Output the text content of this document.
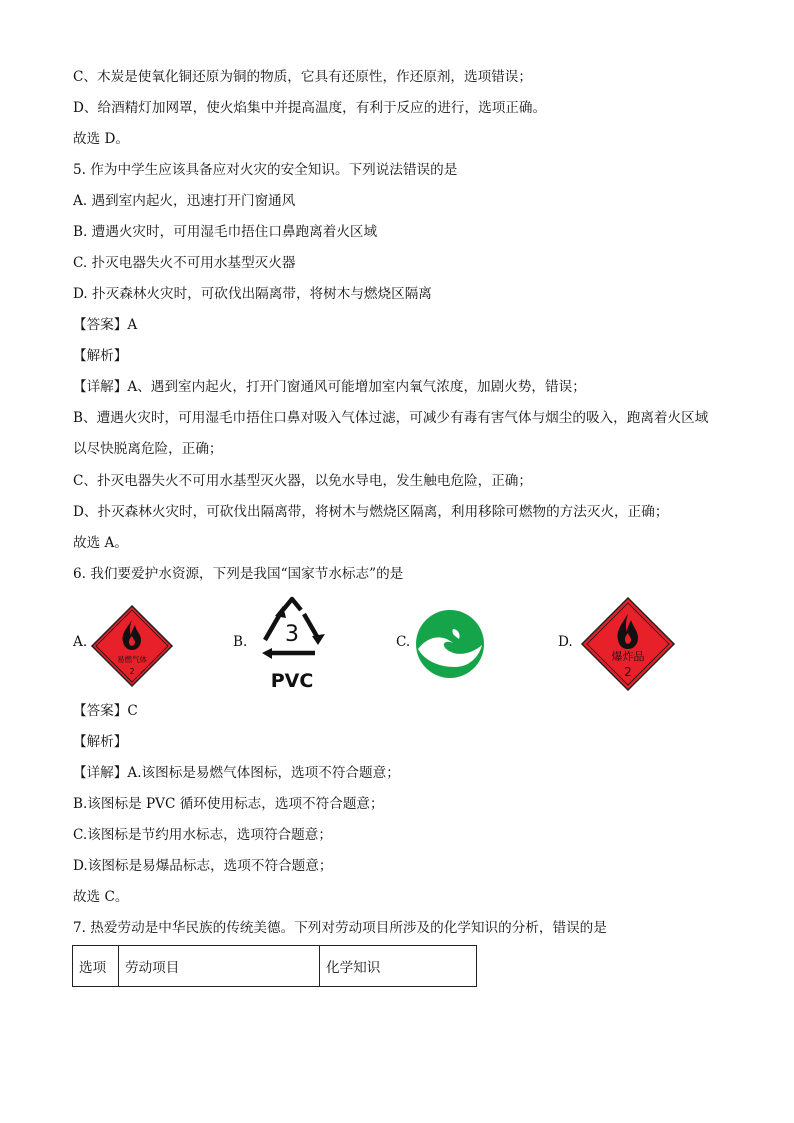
C、木炭是使氧化铜还原为铜的物质，它具有还原性，作还原剂，选项错误；
D、给酒精灯加网罩，使火焰集中并提高温度，有利于反应的进行，选项正确。
故选 D。
5. 作为中学生应该具备应对火灾的安全知识。下列说法错误的是
A. 遇到室内起火，迅速打开门窗通风
B. 遭遇火灾时，可用湿毛巾捂住口鼻跑离着火区域
C. 扑灭电器失火不可用水基型灭火器
D. 扑灭森林火灾时，可砍伐出隔离带，将树木与燃烧区隔离
【答案】A
【解析】
【详解】A、遇到室内起火，打开门窗通风可能增加室内氧气浓度，加剧火势，错误；
B、遭遇火灾时，可用湿毛巾捂住口鼻对吸入气体过滤，可减少有毒有害气体与烟尘的吸入，跑离着火区域以尽快脱离危险，正确；
C、扑灭电器失火不可用水基型灭火器，以免水导电，发生触电危险，正确；
D、扑灭森林火灾时，可砍伐出隔离带，将树木与燃烧区隔离，利用移除可燃物的方法灭火，正确；
故选 A。
6. 我们要爱护水资源，下列是我国“国家节水标志”的是
A.
易燃气体
2
B. 3
PVC
C.	D.
爆炸品
2
【答案】C
【解析】
【详解】A.该图标是易燃气体图标，选项不符合题意；
B.该图标是 PVC 循环使用标志，选项不符合题意；
C.该图标是节约用水标志，选项符合题意；
D.该图标是易爆品标志，选项不符合题意；
故选 C。
7. 热爱劳动是中华民族的传统美德。下列对劳动项目所涉及的化学知识的分析，错误的是
选项	劳动项目	化学知识
